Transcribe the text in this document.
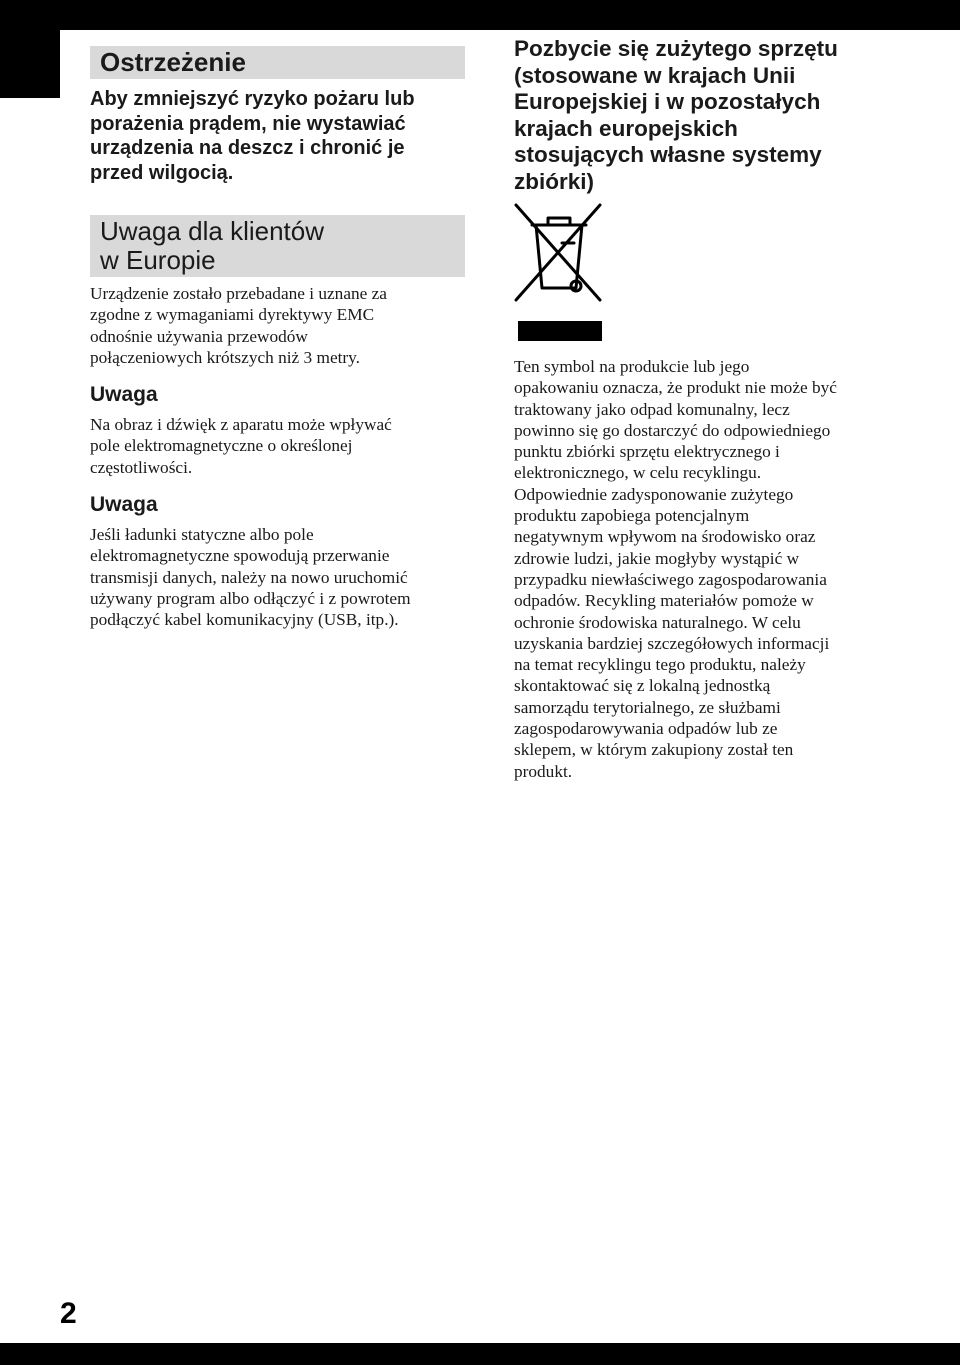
Ostrzeżenie
Aby zmniejszyć ryzyko pożaru lub
porażenia prądem, nie wystawiać
urządzenia na deszcz i chronić je
przed wilgocią.
Uwaga dla klientów
w Europie
Urządzenie zostało przebadane i uznane za
zgodne z wymaganiami dyrektywy EMC
odnośnie używania przewodów
połączeniowych krótszych niż 3 metry.
Uwaga
Na obraz i dźwięk z aparatu może wpływać
pole elektromagnetyczne o określonej
częstotliwości.
Uwaga
Jeśli ładunki statyczne albo pole
elektromagnetyczne spowodują przerwanie
transmisji danych, należy na nowo uruchomić
używany program albo odłączyć i z powrotem
podłączyć kabel komunikacyjny (USB, itp.).
Pozbycie się zużytego sprzętu
(stosowane w krajach Unii
Europejskiej i w pozostałych
krajach europejskich
stosujących własne systemy
zbiórki)
Ten symbol na produkcie lub jego
opakowaniu oznacza, że produkt nie może być
traktowany jako odpad komunalny, lecz
powinno się go dostarczyć do odpowiedniego
punktu zbiórki sprzętu elektrycznego i
elektronicznego, w celu recyklingu.
Odpowiednie zadysponowanie zużytego
produktu zapobiega potencjalnym
negatywnym wpływom na środowisko oraz
zdrowie ludzi, jakie mogłyby wystąpić w
przypadku niewłaściwego zagospodarowania
odpadów. Recykling materiałów pomoże w
ochronie środowiska naturalnego. W celu
uzyskania bardziej szczegółowych informacji
na temat recyklingu tego produktu, należy
skontaktować się z lokalną jednostką
samorządu terytorialnego, ze służbami
zagospodarowywania odpadów lub ze
sklepem, w którym zakupiony został ten
produkt.
2
